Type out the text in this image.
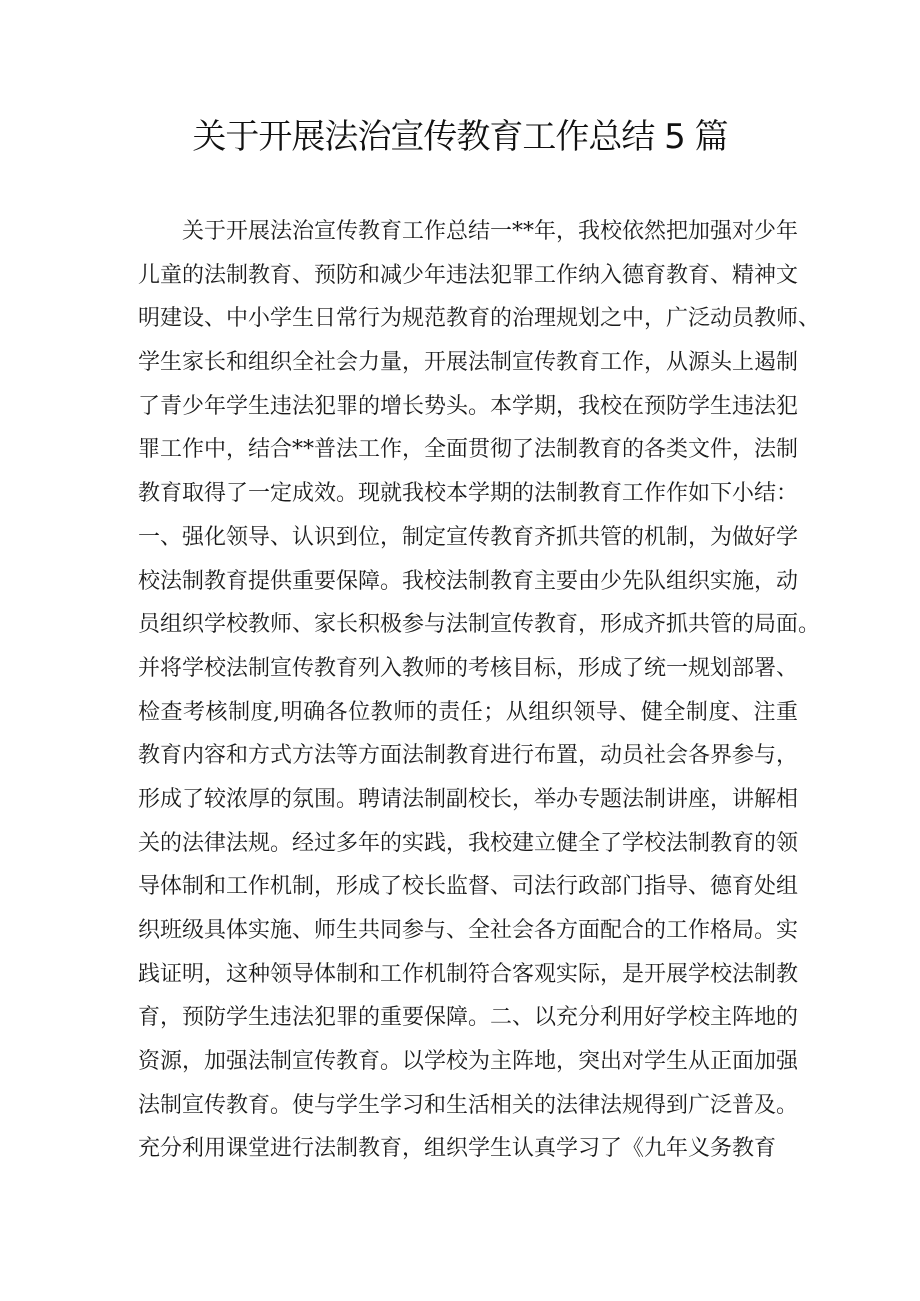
关于开展法治宣传教育工作总结 5 篇
关于开展法治宣传教育工作总结一**年，我校依然把加强对少年
儿童的法制教育、预防和减少年违法犯罪工作纳入德育教育、精神文
明建设、中小学生日常行为规范教育的治理规划之中，广泛动员教师、
学生家长和组织全社会力量，开展法制宣传教育工作，从源头上遏制
了青少年学生违法犯罪的增长势头。本学期，我校在预防学生违法犯
罪工作中，结合**普法工作，全面贯彻了法制教育的各类文件，法制
教育取得了一定成效。现就我校本学期的法制教育工作作如下小结：
一、强化领导、认识到位，制定宣传教育齐抓共管的机制，为做好学
校法制教育提供重要保障。我校法制教育主要由少先队组织实施，动
员组织学校教师、家长积极参与法制宣传教育，形成齐抓共管的局面。
并将学校法制宣传教育列入教师的考核目标，形成了统一规划部署、
检查考核制度,明确各位教师的责任；从组织领导、健全制度、注重
教育内容和方式方法等方面法制教育进行布置，动员社会各界参与，
形成了较浓厚的氛围。聘请法制副校长，举办专题法制讲座，讲解相
关的法律法规。经过多年的实践，我校建立健全了学校法制教育的领
导体制和工作机制，形成了校长监督、司法行政部门指导、德育处组
织班级具体实施、师生共同参与、全社会各方面配合的工作格局。实
践证明，这种领导体制和工作机制符合客观实际，是开展学校法制教
育，预防学生违法犯罪的重要保障。二、以充分利用好学校主阵地的
资源，加强法制宣传教育。以学校为主阵地，突出对学生从正面加强
法制宣传教育。使与学生学习和生活相关的法律法规得到广泛普及。
充分利用课堂进行法制教育，组织学生认真学习了《九年义务教育
